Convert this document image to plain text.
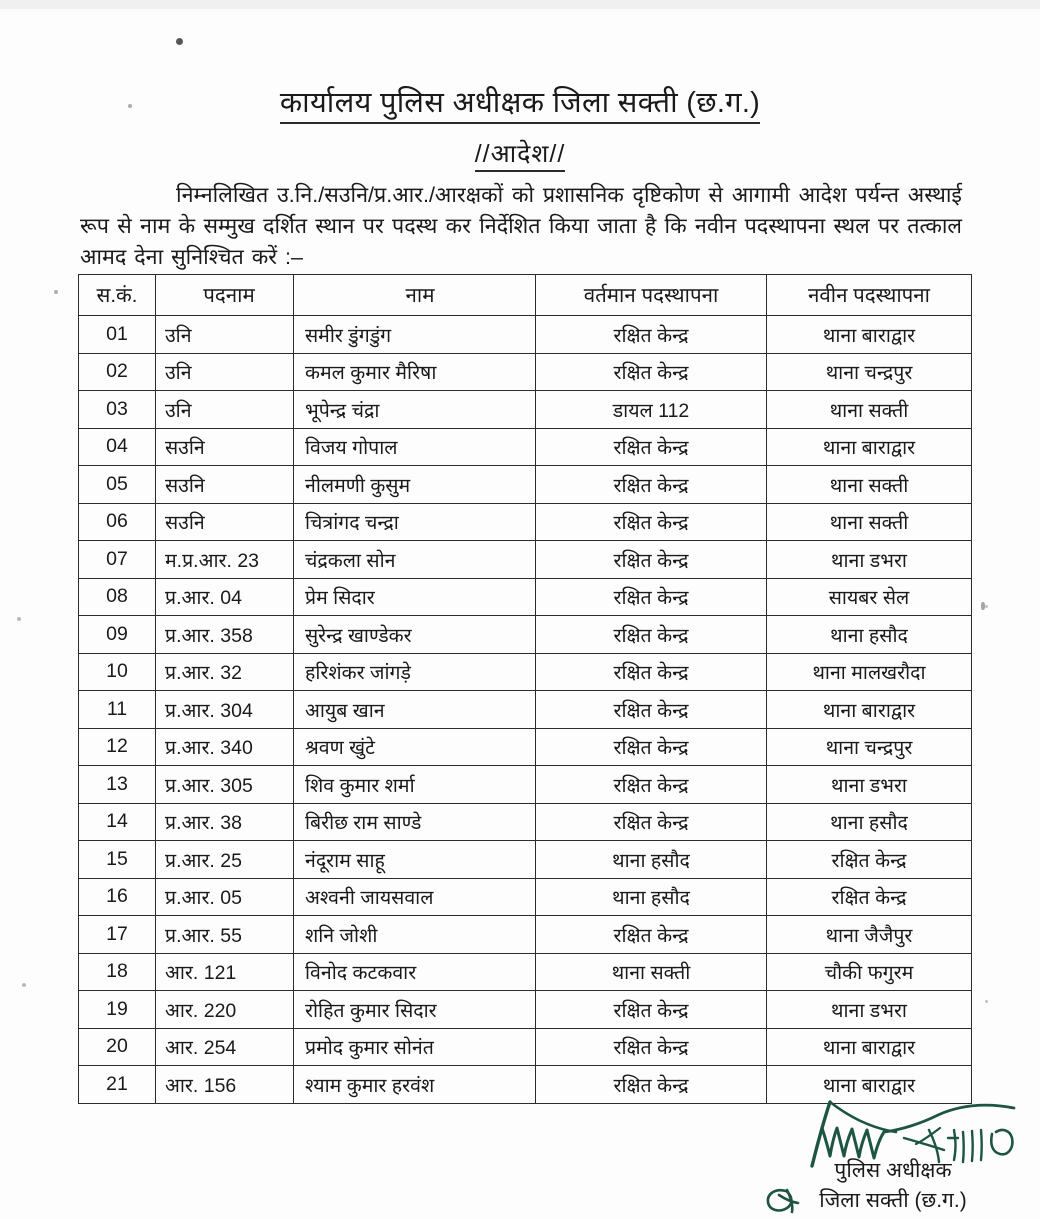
कार्यालय पुलिस अधीक्षक जिला सक्ती (छ.ग.)
//आदेश//
निम्नलिखित उ.नि./सउनि/प्र.आर./आरक्षकों को प्रशासनिक दृष्टिकोण से आगामी आदेश पर्यन्त अस्थाई रूप से नाम के सम्मुख दर्शित स्थान पर पदस्थ कर निर्देशित किया जाता है कि नवीन पदस्थापना स्थल पर तत्काल आमद देना सुनिश्चित करें :–
स.कं.	पदनाम	नाम	वर्तमान पदस्थापना	नवीन पदस्थापना
01	उनि	समीर डुंगडुंग	रक्षित केन्द्र	थाना बाराद्वार
02	उनि	कमल कुमार मैरिषा	रक्षित केन्द्र	थाना चन्द्रपुर
03	उनि	भूपेन्द्र चंद्रा	डायल 112	थाना सक्ती
04	सउनि	विजय गोपाल	रक्षित केन्द्र	थाना बाराद्वार
05	सउनि	नीलमणी कुसुम	रक्षित केन्द्र	थाना सक्ती
06	सउनि	चित्रांगद चन्द्रा	रक्षित केन्द्र	थाना सक्ती
07	म.प्र.आर. 23	चंद्रकला सोन	रक्षित केन्द्र	थाना डभरा
08	प्र.आर. 04	प्रेम सिदार	रक्षित केन्द्र	सायबर सेल
09	प्र.आर. 358	सुरेन्द्र खाण्डेकर	रक्षित केन्द्र	थाना हसौद
10	प्र.आर. 32	हरिशंकर जांगड़े	रक्षित केन्द्र	थाना मालखरौदा
11	प्र.आर. 304	आयुब खान	रक्षित केन्द्र	थाना बाराद्वार
12	प्र.आर. 340	श्रवण खुंटे	रक्षित केन्द्र	थाना चन्द्रपुर
13	प्र.आर. 305	शिव कुमार शर्मा	रक्षित केन्द्र	थाना डभरा
14	प्र.आर. 38	बिरीछ राम साण्डे	रक्षित केन्द्र	थाना हसौद
15	प्र.आर. 25	नंदूराम साहू	थाना हसौद	रक्षित केन्द्र
16	प्र.आर. 05	अश्वनी जायसवाल	थाना हसौद	रक्षित केन्द्र
17	प्र.आर. 55	शनि जोशी	रक्षित केन्द्र	थाना जैजैपुर
18	आर. 121	विनोद कटकवार	थाना सक्ती	चौकी फगुरम
19	आर. 220	रोहित कुमार सिदार	रक्षित केन्द्र	थाना डभरा
20	आर. 254	प्रमोद कुमार सोनंत	रक्षित केन्द्र	थाना बाराद्वार
21	आर. 156	श्याम कुमार हरवंश	रक्षित केन्द्र	थाना बाराद्वार
पुलिस अधीक्षक
जिला सक्ती (छ.ग.)
